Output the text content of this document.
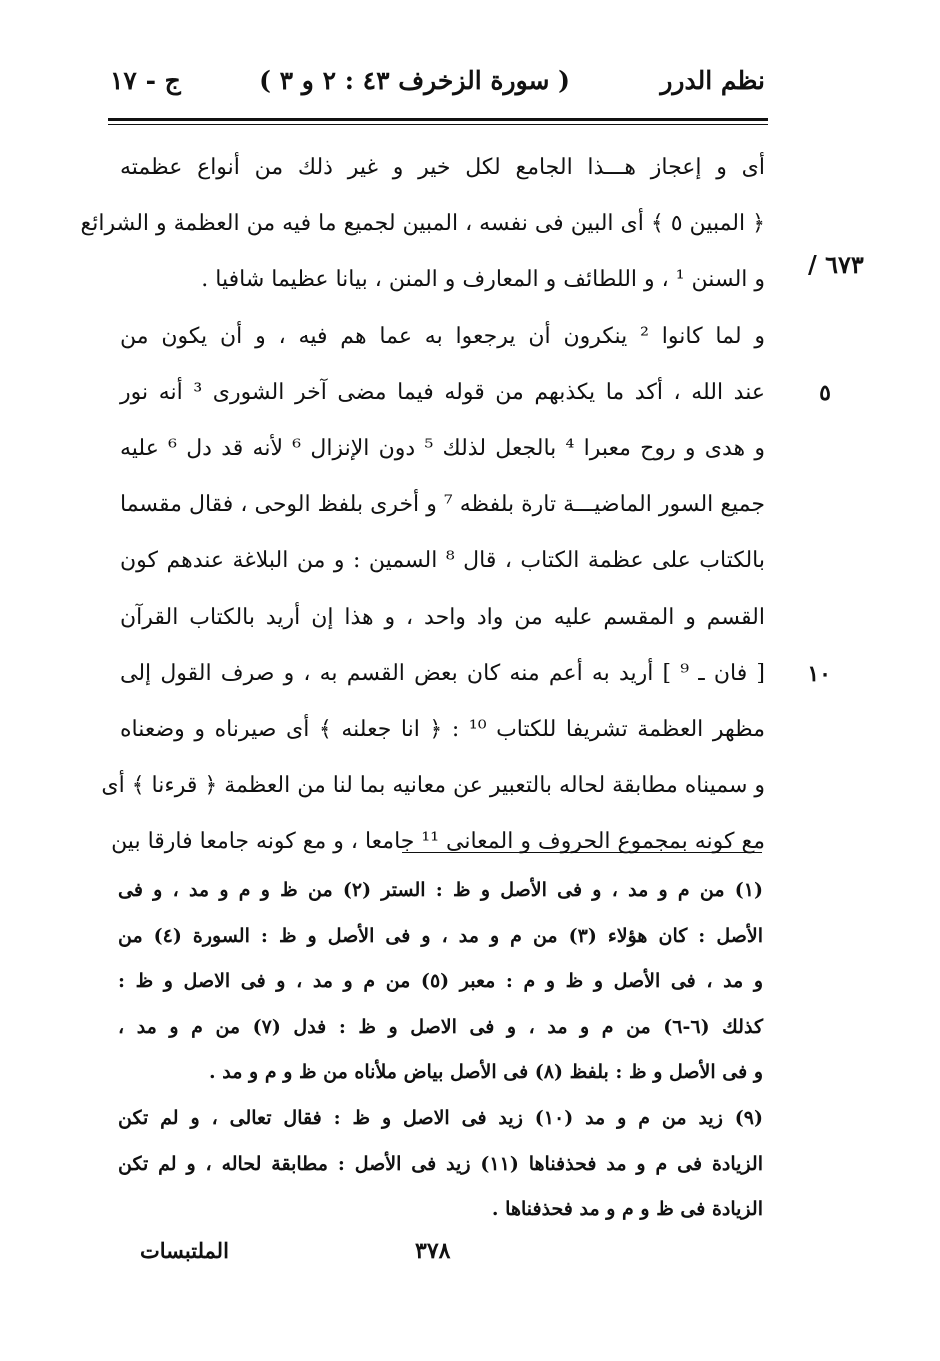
نظم الدرر
( سورة الزخرف ٤٣ : ٢ و ٣ )
ج - ١٧
٦٧٣ /
أى و إعجاز هـــذا الجامع لكل خير و غير ذلك من أنواع عظمته
﴿ المبين ٥ ﴾ أى البين فى نفسه ، المبين لجميع ما فيه من العظمة و الشرائع
و السنن ¹ ، و اللطائف و المعارف و المنن ، بيانا عظيما شافيا .
و لما كانوا ² ينكرون أن يرجعوا به عما هم فيه ، و أن يكون من
عند الله ، أكد ما يكذبهم من قوله فيما مضى آخر الشورى ³ أنه نور ٥
و هدى و روح معبرا ⁴ بالجعل لذلك ⁵ دون الإنزال ⁶ لأنه قد دل ⁶ عليه
جميع السور الماضيـــة تارة بلفظه ⁷ و أخرى بلفظ الوحى ، فقال مقسما
بالكتاب على عظمة الكتاب ، قال ⁸ السمين : و من البلاغة عندهم كون
القسم و المقسم عليه من واد واحد ، و هذا إن أريد بالكتاب القرآن
[ فان ـ ⁹ ] أريد به أعم منه كان بعض القسم به ، و صرف القول إلى ١٠
مظهر العظمة تشريفا للكتاب ¹⁰ : ﴿ انا جعلنه ﴾ أى صيرناه و وضعناه
و سميناه مطابقة لحاله بالتعبير عن معانيه بما لنا من العظمة ﴿ قرءنا ﴾ أى
مع كونه بمجموع الحروف و المعانى ¹¹ جامعا ، و مع كونه جامعا فارقا بين
(١) من م و مد ، و فى الأصل و ظ : الستر (٢) من ظ و م و مد ، و فى
الأصل : كان هؤلاء (٣) من م و مد ، و فى الأصل و ظ : السورة (٤) من
و مد ، فى الأصل و ظ و م : معبر (٥) من م و مد ، و فى الاصل و ظ :
كذلك (٦-٦) من م و مد ، و فى الاصل و ظ : فدل (٧) من م و مد ،
و فى الأصل و ظ : بلفظ (٨) فى الأصل بياض ملأناه من ظ و م و مد .
(٩) زيد من م و مد (١٠) زيد فى الاصل و ظ : فقال تعالى ، و لم تكن
الزيادة فى م و مد فحذفناها (١١) زيد فى الأصل : مطابقة لحاله ، و لم تكن
الزيادة فى ظ و م و مد فحذفناها .
٣٧٨
الملتبسات
